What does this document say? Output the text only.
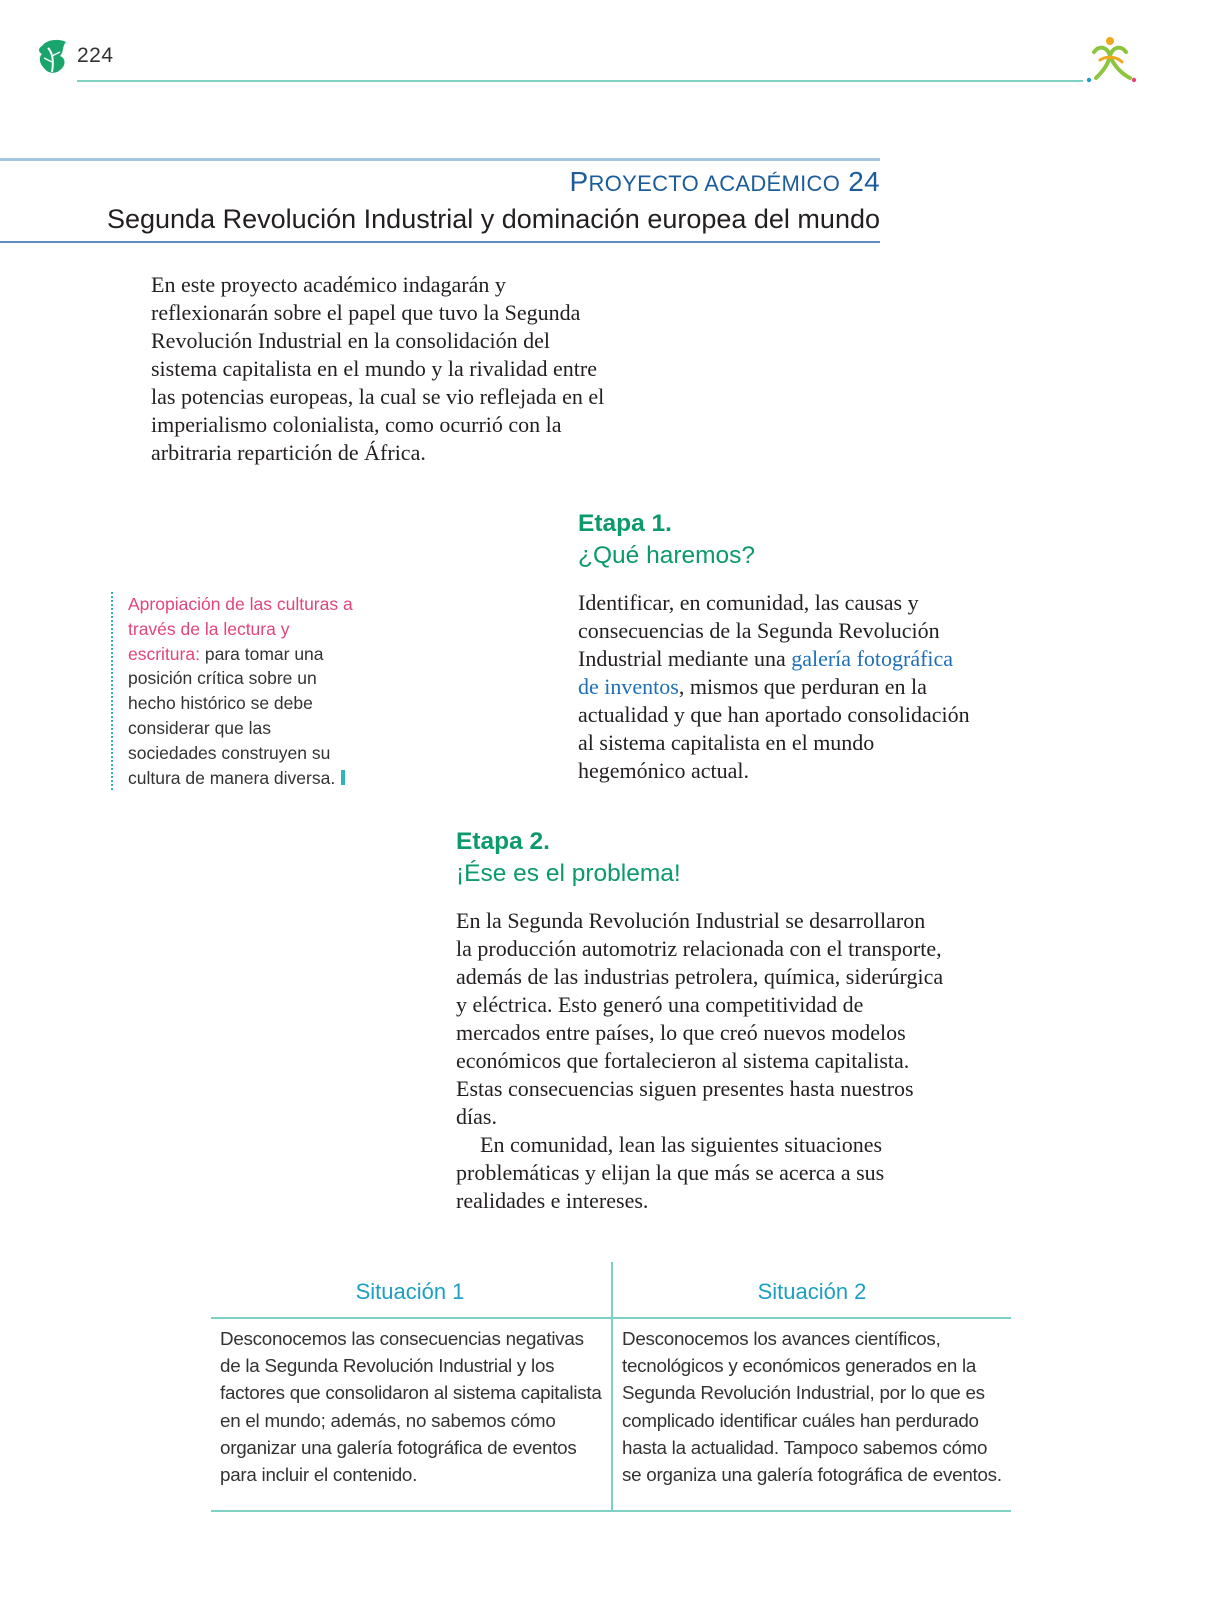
224
PROYECTO ACADÉMICO 24
Segunda Revolución Industrial y dominación europea del mundo
En este proyecto académico indagarán y reflexionarán sobre el papel que tuvo la Segunda Revolución Industrial en la consolidación del sistema capitalista en el mundo y la rivalidad entre las potencias europeas, la cual se vio reflejada en el imperialismo colonialista, como ocurrió con la arbitraria repartición de África.
Apropiación de las culturas a través de la lectura y escritura: para tomar una posición crítica sobre un hecho histórico se debe considerar que las sociedades construyen su cultura de manera diversa.
Etapa 1.
¿Qué haremos?
Identificar, en comunidad, las causas y consecuencias de la Segunda Revolución Industrial mediante una galería fotográfica de inventos, mismos que perduran en la actualidad y que han aportado consolidación al sistema capitalista en el mundo hegemónico actual.
Etapa 2.
¡Ése es el problema!

En la Segunda Revolución Industrial se desarrollaron la producción automotriz relacionada con el transporte, además de las industrias petrolera, química, siderúrgica y eléctrica. Esto generó una competitividad de mercados entre países, lo que creó nuevos modelos económicos que fortalecieron al sistema capitalista. Estas consecuencias siguen presentes hasta nuestros días.

En comunidad, lean las siguientes situaciones problemáticas y elijan la que más se acerca a sus realidades e intereses.

Situación 1	Situación 2
Desconocemos las consecuencias negativas de la Segunda Revolución Industrial y los factores que consolidaron al sistema capitalista en el mundo; además, no sabemos cómo organizar una galería fotográfica de eventos para incluir el contenido.
Desconocemos los avances científicos, tecnológicos y económicos generados en la Segunda Revolución Industrial, por lo que es complicado identificar cuáles han perdurado hasta la actualidad. Tampoco sabemos cómo se organiza una galería fotográfica de eventos.
